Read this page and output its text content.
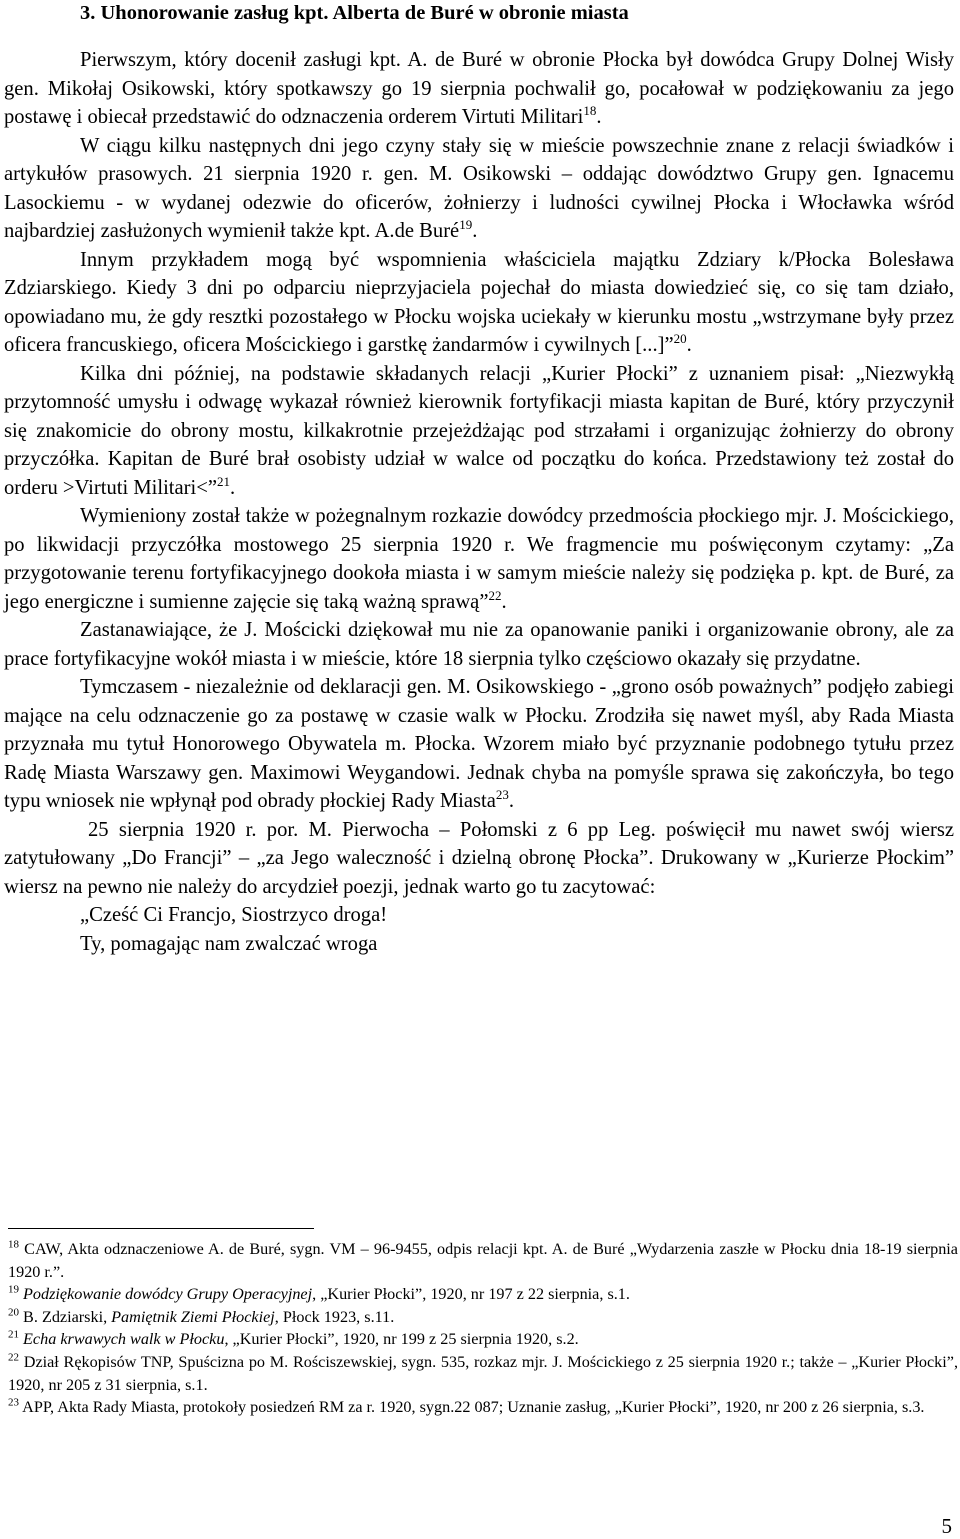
3. Uhonorowanie zasług kpt. Alberta de Buré w obronie miasta

Pierwszym, który docenił zasługi kpt. A. de Buré w obronie Płocka był dowódca Grupy Dolnej Wisły gen. Mikołaj Osikowski, który spotkawszy go 19 sierpnia pochwalił go, pocałował w podziękowaniu za jego postawę i obiecał przedstawić do odznaczenia orderem Virtuti Militari$^{18}$.

W ciągu kilku następnych dni jego czyny stały się w mieście powszechnie znane z relacji świadków i artykułów prasowych. 21 sierpnia 1920 r. gen. M. Osikowski – oddając dowództwo Grupy gen. Ignacemu Lasockiemu - w wydanej odezwie do oficerów, żołnierzy i ludności cywilnej Płocka i Włocławka wśród najbardziej zasłużonych wymienił także kpt. A.de Buré$^{19}$.

Innym przykładem mogą być wspomnienia właściciela majątku Zdziary k/Płocka Bolesława Zdziarskiego. Kiedy 3 dni po odparciu nieprzyjaciela pojechał do miasta dowiedzieć się, co się tam działo, opowiadano mu, że gdy resztki pozostałego w Płocku wojska uciekały w kierunku mostu „wstrzymane były przez oficera francuskiego, oficera Mościckiego i garstkę żandarmów i cywilnych [...]”$^{20}$.

Kilka dni później, na podstawie składanych relacji „Kurier Płocki” z uznaniem pisał: „Niezwykłą przytomność umysłu i odwagę wykazał również kierownik fortyfikacji miasta kapitan de Buré, który przyczynił się znakomicie do obrony mostu, kilkakrotnie przejeżdżając pod strzałami i organizując żołnierzy do obrony przyczółka. Kapitan de Buré brał osobisty udział w walce od początku do końca. Przedstawiony też został do orderu >Virtuti Militari<”$^{21}$.

Wymieniony został także w pożegnalnym rozkazie dowódcy przedmościa płockiego mjr. J. Mościckiego, po likwidacji przyczółka mostowego 25 sierpnia 1920 r. We fragmencie mu poświęconym czytamy: „Za przygotowanie terenu fortyfikacyjnego dookoła miasta i w samym mieście należy się podzięka p. kpt. de Buré, za jego energiczne i sumienne zajęcie się taką ważną sprawą”$^{22}$.

Zastanawiające, że J. Mościcki dziękował mu nie za opanowanie paniki i organizowanie obrony, ale za prace fortyfikacyjne wokół miasta i w mieście, które 18 sierpnia tylko częściowo okazały się przydatne.

Tymczasem - niezależnie od deklaracji gen. M. Osikowskiego - „grono osób poważnych” podjęło zabiegi mające na celu odznaczenie go za postawę w czasie walk w Płocku. Zrodziła się nawet myśl, aby Rada Miasta przyznała mu tytuł Honorowego Obywatela m. Płocka. Wzorem miało być przyznanie podobnego tytułu przez Radę Miasta Warszawy gen. Maximowi Weygandowi. Jednak chyba na pomyśle sprawa się zakończyła, bo tego typu wniosek nie wpłynął pod obrady płockiej Rady Miasta$^{23}$.

25 sierpnia 1920 r. por. M. Pierwocha – Połomski z 6 pp Leg. poświęcił mu nawet swój wiersz zatytułowany „Do Francji” – „za Jego waleczność i dzielną obronę Płocka”. Drukowany w „Kurierze Płockim” wiersz na pewno nie należy do arcydzieł poezji, jednak warto go tu zacytować:

„Cześć Ci Francjo, Siostrzyco droga!

Ty, pomagając nam zwalczać wroga

$^{18}$ CAW, Akta odznaczeniowe A. de Buré, sygn. VM – 96-9455, odpis relacji kpt. A. de Buré „Wydarzenia zaszłe w Płocku dnia 18-19 sierpnia 1920 r.”.

$^{19}$ Podziękowanie dowódcy Grupy Operacyjnej, „Kurier Płocki”, 1920, nr 197 z 22 sierpnia, s.1.

$^{20}$ B. Zdziarski, Pamiętnik Ziemi Płockiej, Płock 1923, s.11.

$^{21}$ Echa krwawych walk w Płocku, „Kurier Płocki”, 1920, nr 199 z 25 sierpnia 1920, s.2.

$^{22}$ Dział Rękopisów TNP, Spuścizna po M. Rościszewskiej, sygn. 535, rozkaz mjr. J. Mościckiego z 25 sierpnia 1920 r.; także – „Kurier Płocki”, 1920, nr 205 z 31 sierpnia, s.1.

$^{23}$ APP, Akta Rady Miasta, protokoły posiedzeń RM za r. 1920, sygn.22 087; Uznanie zasług, „Kurier Płocki”, 1920, nr 200 z 26 sierpnia, s.3.

5
